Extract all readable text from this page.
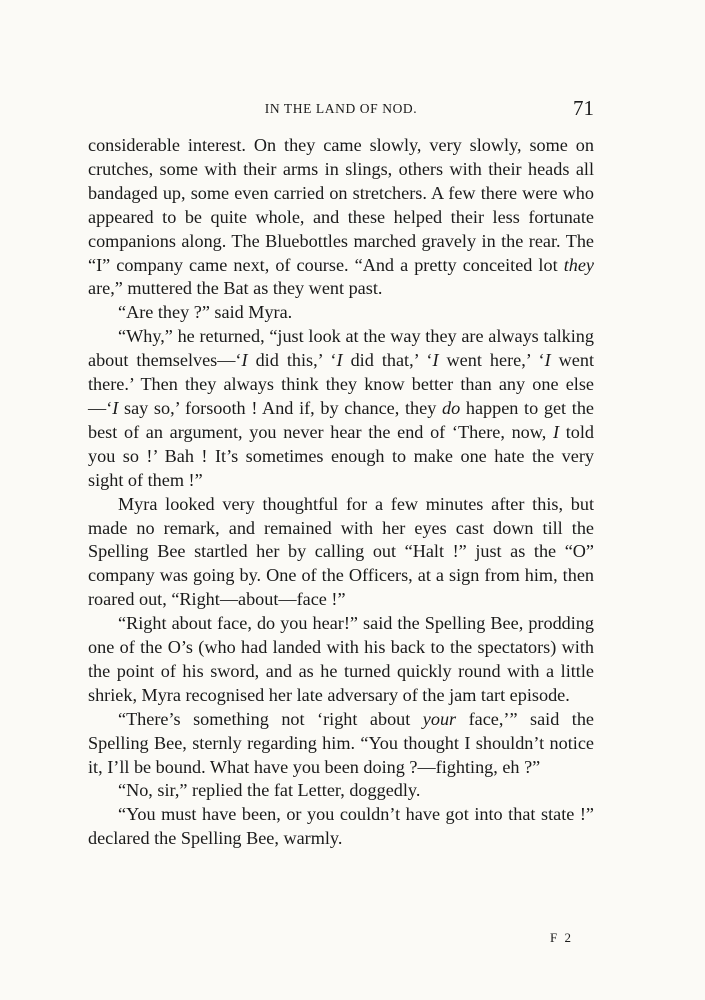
IN THE LAND OF NOD.	71

considerable interest. On they came slowly, very slowly, some on crutches, some with their arms in slings, others with their heads all bandaged up, some even carried on stretchers. A few there were who appeared to be quite whole, and these helped their less fortunate companions along. The Bluebottles marched gravely in the rear. The “I” company came next, of course. “And a pretty conceited lot they are,” muttered the Bat as they went past.

“Are they ?” said Myra.

“Why,” he returned, “just look at the way they are always talking about themselves—‘I did this,’ ‘I did that,’ ‘I went here,’ ‘I went there.’ Then they always think they know better than any one else—‘I say so,’ forsooth ! And if, by chance, they do happen to get the best of an argument, you never hear the end of ‘There, now, I told you so !’ Bah ! It’s sometimes enough to make one hate the very sight of them !”

Myra looked very thoughtful for a few minutes after this, but made no remark, and remained with her eyes cast down till the Spelling Bee startled her by calling out “Halt !” just as the “O” company was going by. One of the Officers, at a sign from him, then roared out, “Right—about—face !”

“Right about face, do you hear!” said the Spelling Bee, prodding one of the O’s (who had landed with his back to the spectators) with the point of his sword, and as he turned quickly round with a little shriek, Myra recognised her late adversary of the jam tart episode.

“There’s something not ‘right about your face,’” said the Spelling Bee, sternly regarding him. “You thought I shouldn’t notice it, I’ll be bound. What have you been doing ?—fighting, eh ?”

“No, sir,” replied the fat Letter, doggedly.

“You must have been, or you couldn’t have got into that state !” declared the Spelling Bee, warmly.

F 2
